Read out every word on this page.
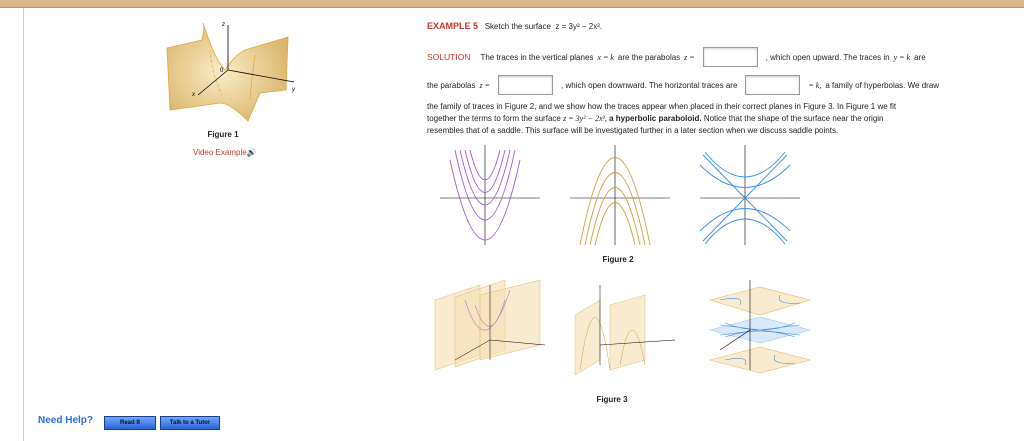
z
y
x
0
Figure 1
Video Example🔊
EXAMPLE 5 Sketch the surface z = 3y² − 2x².
SOLUTION The traces in the vertical planes x = k are the parabolas z =	, which open upward. The traces in y = k are
the parabolas z =	, which open downward. The horizontal traces are	= k, a family of hyperbolas. We draw
the family of traces in Figure 2, and we show how the traces appear when placed in their correct planes in Figure 3. In Figure 1 we fit
together the terms to form the surface z = 3y² − 2x², a hyperbolic paraboloid. Notice that the shape of the surface near the origin
resembles that of a saddle. This surface will be investigated further in a later section when we discuss saddle points.
Figure 2
Figure 3
Need Help?	Read It	Talk to a Tutor
